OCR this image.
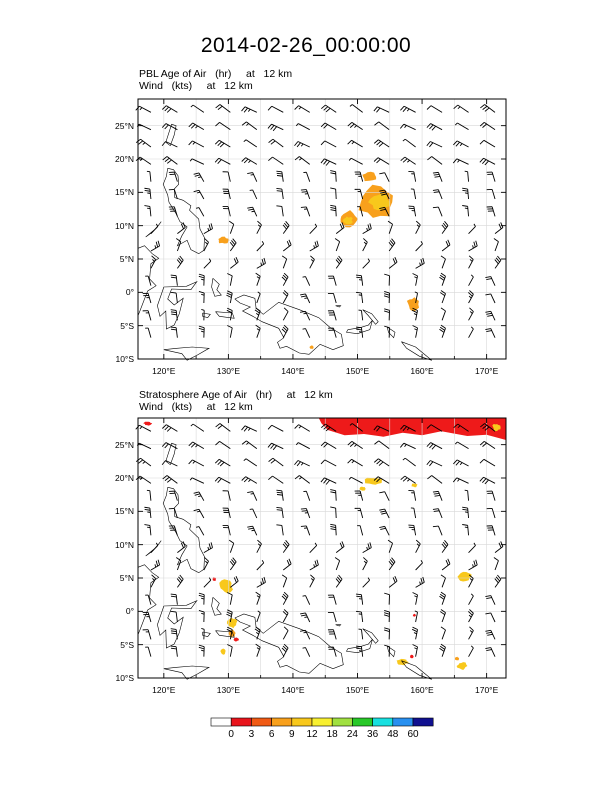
2014-02-26_00:00:00
PBL Age of Air   (hr)     at   12 km
Wind   (kts)     at   12 km
Stratosphere Age of Air   (hr)     at   12 km
Wind   (kts)     at   12 km
25°N
20°N
15°N
10°N
5°N
0°
5°S
10°S
120°E	130°E	140°E	150°E	160°E	170°E
25°N
20°N
15°N
10°N
5°N
0°
5°S
10°S
120°E	130°E	140°E	150°E	160°E	170°E
0	3	6	9	12 18 24 36 48 60
